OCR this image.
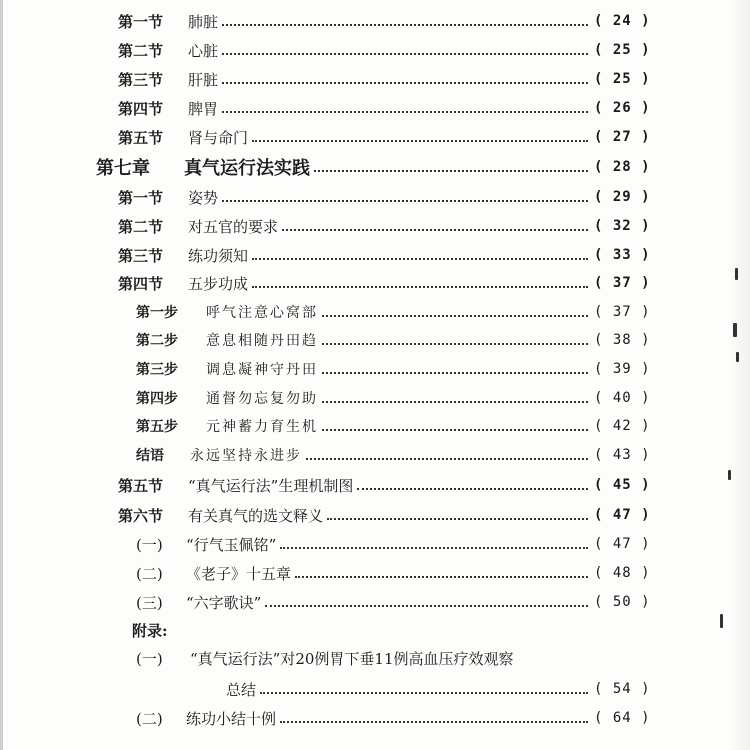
第一节	肺脏	( 24 )
第二节	心脏	( 25 )
第三节	肝脏	( 25 )
第四节	脾胃	( 26 )
第五节	肾与命门	( 27 )
第七章	真气运行法实践	( 28 )
第一节	姿势	( 29 )
第二节	对五官的要求	( 32 )
第三节	练功须知	( 33 )
第四节	五步功成	( 37 )
第一步	呼气注意心窝部	( 37 )
第二步	意息相随丹田趋	( 38 )
第三步	调息凝神守丹田	( 39 )
第四步	通督勿忘复勿助	( 40 )
第五步	元神蓄力育生机	( 42 )
结语	永远坚持永进步	( 43 )
第五节	“真气运行法”生理机制图	( 45 )
第六节	有关真气的选文释义	( 47 )
(一)	“行气玉佩铭”	( 47 )
(二)	《老子》十五章	( 48 )
(三)	“六字歌诀”	( 50 )
附录:
(一) “真气运行法”对20例胃下垂11例高血压疗效观察
总结	( 54 )
(二)	练功小结十例	( 64 )
